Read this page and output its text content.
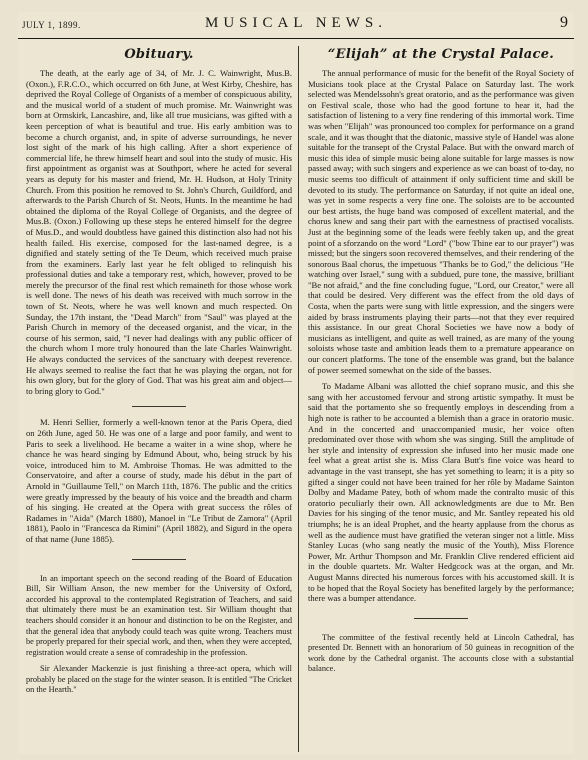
JULY 1, 1899.	MUSICAL NEWS.	9
Obituary.

The death, at the early age of 34, of Mr. J. C. Wainwright, Mus.B. (Oxon.), F.R.C.O., which occurred on 6th June, at West Kirby, Cheshire, has deprived the Royal College of Organists of a member of conspicuous ability, and the musical world of a student of much promise. Mr. Wainwright was born at Ormskirk, Lancashire, and, like all true musicians, was gifted with a keen perception of what is beautiful and true. His early ambition was to become a church organist, and, in spite of adverse surroundings, he never lost sight of the mark of his high calling. After a short experience of commercial life, he threw himself heart and soul into the study of music. His first appointment as organist was at Southport, where he acted for several years as deputy for his master and friend, Mr. H. Hudson, at Holy Trinity Church. From this position he removed to St. John's Church, Guildford, and afterwards to the Parish Church of St. Neots, Hunts. In the meantime he had obtained the diploma of the Royal College of Organists, and the degree of Mus.B. (Oxon.) Following up these steps he entered himself for the degree of Mus.D., and would doubtless have gained this distinction also had not his health failed. His exercise, composed for the last-named degree, is a dignified and stately setting of the Te Deum, which received much praise from the examiners. Early last year he felt obliged to relinquish his professional duties and take a temporary rest, which, however, proved to be merely the precursor of the final rest which remaineth for those whose work is well done. The news of his death was received with much sorrow in the town of St. Neots, where he was well known and much respected. On Sunday, the 17th instant, the "Dead March" from "Saul" was played at the Parish Church in memory of the deceased organist, and the vicar, in the course of his sermon, said, "I never had dealings with any public officer of the church whom I more truly honoured than the late Charles Wainwright. He always conducted the services of the sanctuary with deepest reverence. He always seemed to realise the fact that he was playing the organ, not for his own glory, but for the glory of God. That was his great aim and object—to bring glory to God."

M. Henri Sellier, formerly a well-known tenor at the Paris Opera, died on 26th June, aged 50. He was one of a large and poor family, and went to Paris to seek a livelihood. He became a waiter in a wine shop, where he chance he was heard singing by Edmund About, who, being struck by his voice, introduced him to M. Ambroise Thomas. He was admitted to the Conservatoire, and after a course of study, made his début in the part of Arnold in "Guillaume Tell," on March 11th, 1876. The public and the critics were greatly impressed by the beauty of his voice and the breadth and charm of his singing. He created at the Opera with great success the rôles of Radames in "Aida" (March 1880), Manoel in "Le Tribut de Zamora" (April 1881), Paolo in "Francesca da Rimini" (April 1882), and Sigurd in the opera of that name (June 1885).

In an important speech on the second reading of the Board of Education Bill, Sir William Anson, the new member for the University of Oxford, accorded his approval to the contemplated Registration of Teachers, and said that ultimately there must be an examination test. Sir William thought that teachers should consider it an honour and distinction to be on the Register, and that the general idea that anybody could teach was quite wrong. Teachers must be properly prepared for their special work, and then, when they were accepted, registration would create a sense of comradeship in the profession.

Sir Alexander Mackenzie is just finishing a three-act opera, which will probably be placed on the stage for the winter season. It is entitled "The Cricket on the Hearth."

“Elijah” at the Crystal Palace.

The annual performance of music for the benefit of the Royal Society of Musicians took place at the Crystal Palace on Saturday last. The work selected was Mendelssohn's great oratorio, and as the performance was given on Festival scale, those who had the good fortune to hear it, had the satisfaction of listening to a very fine rendering of this immortal work. Time was when "Elijah" was pronounced too complex for performance on a grand scale, and it was thought that the diatonic, massive style of Handel was alone suitable for the transept of the Crystal Palace. But with the onward march of music this idea of simple music being alone suitable for large masses is now passed away; with such singers and experience as we can boast of to-day, no music seems too difficult of attainment if only sufficient time and skill be devoted to its study. The performance on Saturday, if not quite an ideal one, was yet in some respects a very fine one. The soloists are to be accounted our best artists, the huge band was composed of excellent material, and the chorus knew and sang their part with the earnestness of practised vocalists. Just at the beginning some of the leads were feebly taken up, and the great point of a sforzando on the word "Lord" ("bow Thine ear to our prayer") was missed; but the singers soon recovered themselves, and their rendering of the sonorous Baal chorus, the impetuous "Thanks be to God," the delicious "He watching over Israel," sung with a subdued, pure tone, the massive, brilliant "Be not afraid," and the fine concluding fugue, "Lord, our Creator," were all that could be desired. Very different was the effect from the old days of Costa, when the parts were sung with little expression, and the singers were aided by brass instruments playing their parts—not that they ever required this assistance. In our great Choral Societies we have now a body of musicians as intelligent, and quite as well trained, as are many of the young soloists whose taste and ambition leads them to a premature appearance on our concert platforms. The tone of the ensemble was grand, but the balance of power seemed somewhat on the side of the basses.

To Madame Albani was allotted the chief soprano music, and this she sang with her accustomed fervour and strong artistic sympathy. It must be said that the portamento she so frequently employs in descending from a high note is rather to be accounted a blemish than a grace in oratorio music. And in the concerted and unaccompanied music, her voice often predominated over those with whom she was singing. Still the amplitude of her style and intensity of expression she infused into her music made one feel what a great artist she is. Miss Clara Butt's fine voice was heard to advantage in the vast transept, she has yet something to learn; it is a pity so gifted a singer could not have been trained for her rôle by Madame Sainton Dolby and Madame Patey, both of whom made the contralto music of this oratorio peculiarly their own. All acknowledgments are due to Mr. Ben Davies for his singing of the tenor music, and Mr. Santley repeated his old triumphs; he is an ideal Prophet, and the hearty applause from the chorus as well as the audience must have gratified the veteran singer not a little. Miss Stanley Lucas (who sang neatly the music of the Youth), Miss Florence Power, Mr. Arthur Thompson and Mr. Franklin Clive rendered efficient aid in the double quartets. Mr. Walter Hedgcock was at the organ, and Mr. August Manns directed his numerous forces with his accustomed skill. It is to be hoped that the Royal Society has benefited largely by the performance; there was a bumper attendance.

The committee of the festival recently held at Lincoln Cathedral, has presented Dr. Bennett with an honorarium of 50 guineas in recognition of the work done by the Cathedral organist. The accounts close with a substantial balance.
